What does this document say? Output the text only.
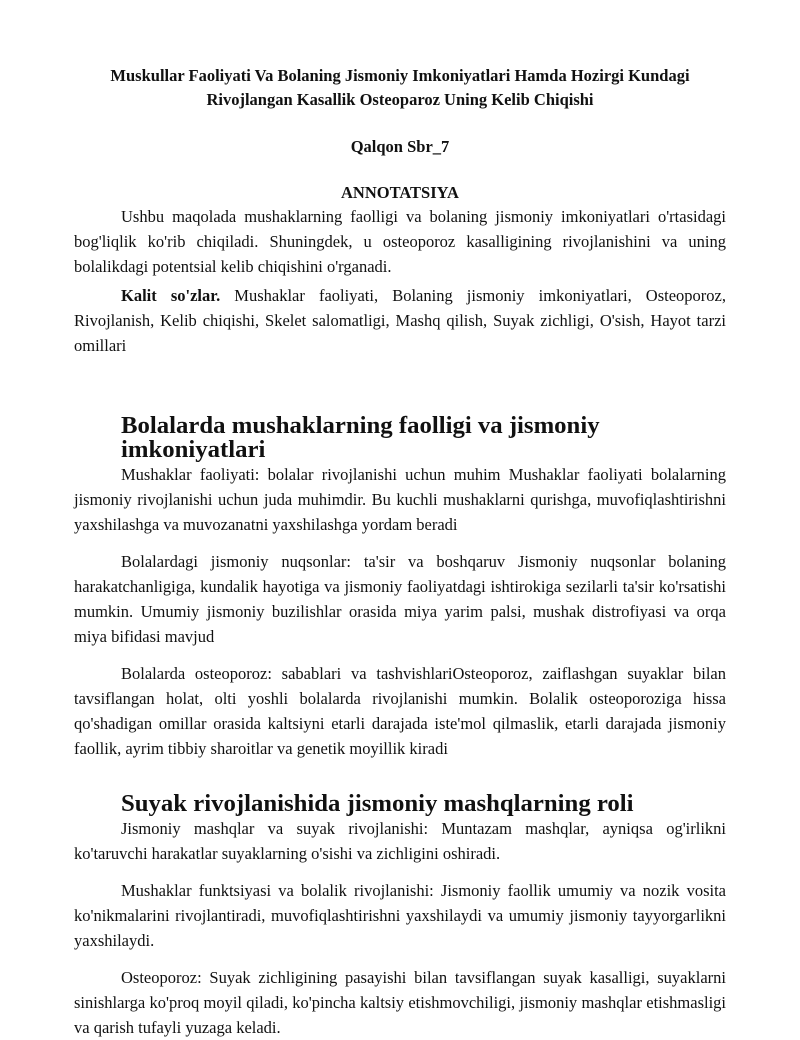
Muskullar Faoliyati Va Bolaning Jismoniy Imkoniyatlari Hamda Hozirgi Kundagi
Rivojlangan Kasallik Osteoparoz Uning Kelib Chiqishi
Qalqon Sbr_7
ANNOTATSIYA

Ushbu maqolada mushaklarning faolligi va bolaning jismoniy imkoniyatlari o'rtasidagi bog'liqlik ko'rib chiqiladi. Shuningdek, u osteoporoz kasalligining rivojlanishini va uning bolalikdagi potentsial kelib chiqishini o'rganadi.

Kalit so'zlar. Mushaklar faoliyati, Bolaning jismoniy imkoniyatlari, Osteoporoz, Rivojlanish, Kelib chiqishi, Skelet salomatligi, Mashq qilish, Suyak zichligi, O'sish, Hayot tarzi omillari

Bolalarda mushaklarning faolligi va jismoniy imkoniyatlari

Mushaklar faoliyati: bolalar rivojlanishi uchun muhim Mushaklar faoliyati bolalarning jismoniy rivojlanishi uchun juda muhimdir. Bu kuchli mushaklarni qurishga, muvofiqlashtirishni yaxshilashga va muvozanatni yaxshilashga yordam beradi

Bolalardagi jismoniy nuqsonlar: ta'sir va boshqaruv Jismoniy nuqsonlar bolaning harakatchanligiga, kundalik hayotiga va jismoniy faoliyatdagi ishtirokiga sezilarli ta'sir ko'rsatishi mumkin. Umumiy jismoniy buzilishlar orasida miya yarim palsi, mushak distrofiyasi va orqa miya bifidasi mavjud

Bolalarda osteoporoz: sabablari va tashvishlariOsteoporoz, zaiflashgan suyaklar bilan tavsiflangan holat, olti yoshli bolalarda rivojlanishi mumkin. Bolalik osteoporoziga hissa qo'shadigan omillar orasida kaltsiyni etarli darajada iste'mol qilmaslik, etarli darajada jismoniy faollik, ayrim tibbiy sharoitlar va genetik moyillik kiradi

Suyak rivojlanishida jismoniy mashqlarning roli

Jismoniy mashqlar va suyak rivojlanishi: Muntazam mashqlar, ayniqsa og'irlikni ko'taruvchi harakatlar suyaklarning o'sishi va zichligini oshiradi.

Mushaklar funktsiyasi va bolalik rivojlanishi: Jismoniy faollik umumiy va nozik vosita ko'nikmalarini rivojlantiradi, muvofiqlashtirishni yaxshilaydi va umumiy jismoniy tayyorgarlikni yaxshilaydi.

Osteoporoz: Suyak zichligining pasayishi bilan tavsiflangan suyak kasalligi, suyaklarni sinishlarga ko'proq moyil qiladi, ko'pincha kaltsiy etishmovchiligi, jismoniy mashqlar etishmasligi va qarish tufayli yuzaga keladi.
